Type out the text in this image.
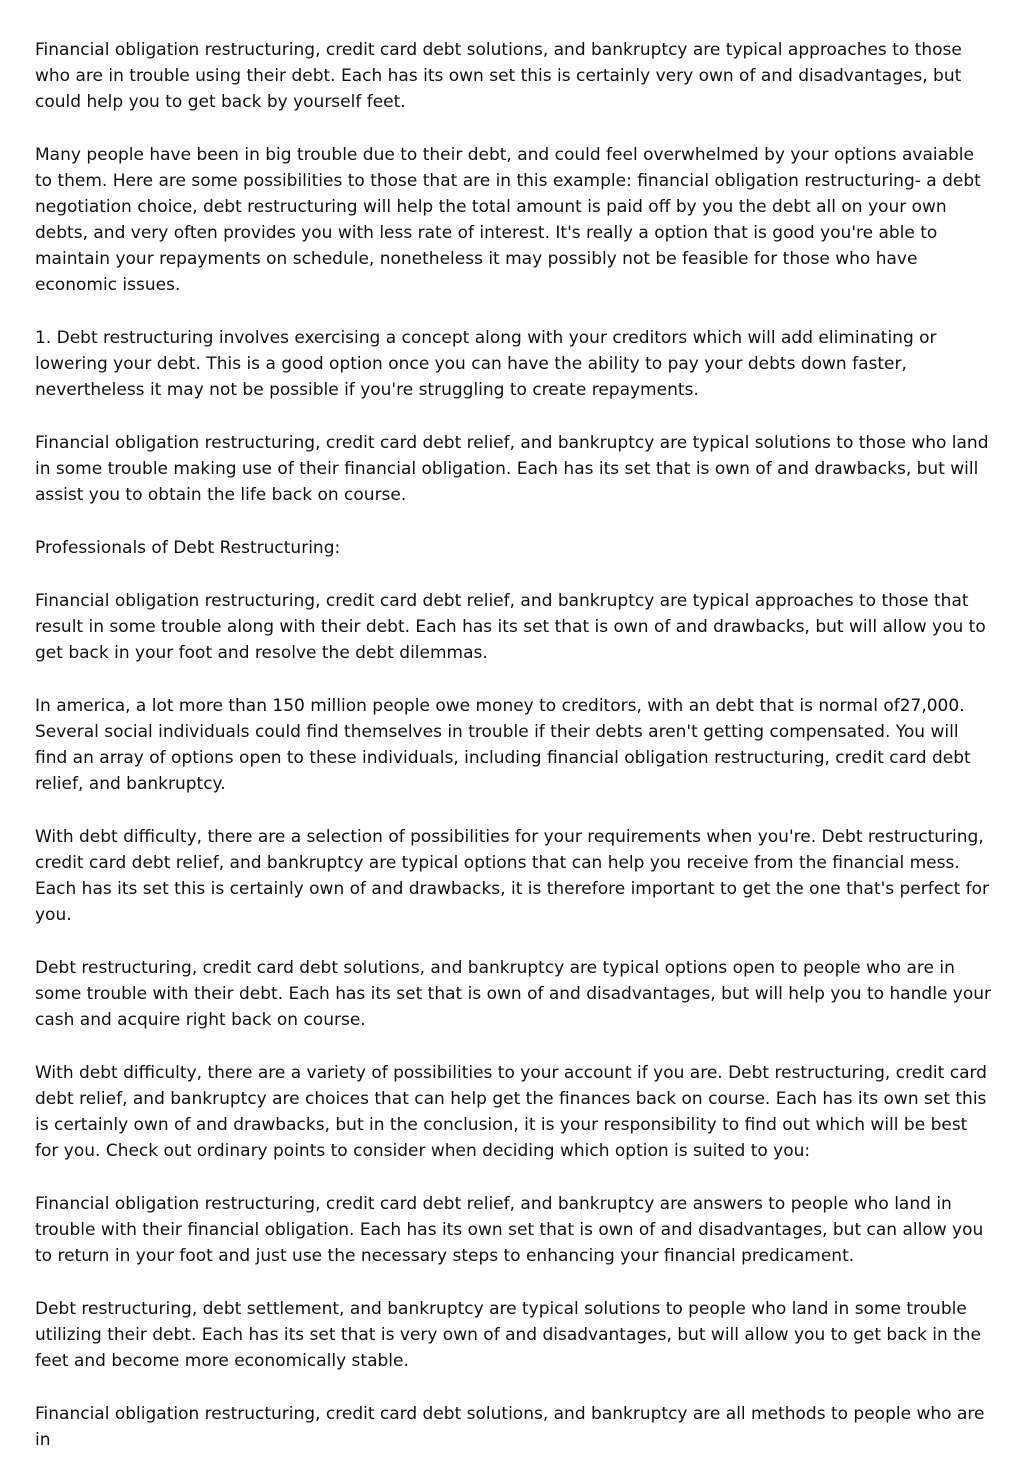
Financial obligation restructuring, credit card debt solutions, and bankruptcy are typical approaches to those who are in trouble using their debt. Each has its own set this is certainly very own of and disadvantages, but could help you to get back by yourself feet.

Many people have been in big trouble due to their debt, and could feel overwhelmed by your options avaiable to them. Here are some possibilities to those that are in this example: financial obligation restructuring- a debt negotiation choice, debt restructuring will help the total amount is paid off by you the debt all on your own debts, and very often provides you with less rate of interest. It's really a option that is good you're able to maintain your repayments on schedule, nonetheless it may possibly not be feasible for those who have economic issues.

1. Debt restructuring involves exercising a concept along with your creditors which will add eliminating or lowering your debt. This is a good option once you can have the ability to pay your debts down faster, nevertheless it may not be possible if you're struggling to create repayments.

Financial obligation restructuring, credit card debt relief, and bankruptcy are typical solutions to those who land in some trouble making use of their financial obligation. Each has its set that is own of and drawbacks, but will assist you to obtain the life back on course.

Professionals of Debt Restructuring:

Financial obligation restructuring, credit card debt relief, and bankruptcy are typical approaches to those that result in some trouble along with their debt. Each has its set that is own of and drawbacks, but will allow you to get back in your foot and resolve the debt dilemmas.

In america, a lot more than 150 million people owe money to creditors, with an debt that is normal of27,000. Several social individuals could find themselves in trouble if their debts aren't getting compensated. You will find an array of options open to these individuals, including financial obligation restructuring, credit card debt relief, and bankruptcy.

With debt difficulty, there are a selection of possibilities for your requirements when you're. Debt restructuring, credit card debt relief, and bankruptcy are typical options that can help you receive from the financial mess. Each has its set this is certainly own of and drawbacks, it is therefore important to get the one that's perfect for you.

Debt restructuring, credit card debt solutions, and bankruptcy are typical options open to people who are in some trouble with their debt. Each has its set that is own of and disadvantages, but will help you to handle your cash and acquire right back on course.

With debt difficulty, there are a variety of possibilities to your account if you are. Debt restructuring, credit card debt relief, and bankruptcy are choices that can help get the finances back on course. Each has its own set this is certainly own of and drawbacks, but in the conclusion, it is your responsibility to find out which will be best for you. Check out ordinary points to consider when deciding which option is suited to you:

Financial obligation restructuring, credit card debt relief, and bankruptcy are answers to people who land in trouble with their financial obligation. Each has its own set that is own of and disadvantages, but can allow you to return in your foot and just use the necessary steps to enhancing your financial predicament.

Debt restructuring, debt settlement, and bankruptcy are typical solutions to people who land in some trouble utilizing their debt. Each has its set that is very own of and disadvantages, but will allow you to get back in the feet and become more economically stable.

Financial obligation restructuring, credit card debt solutions, and bankruptcy are all methods to people who are in
